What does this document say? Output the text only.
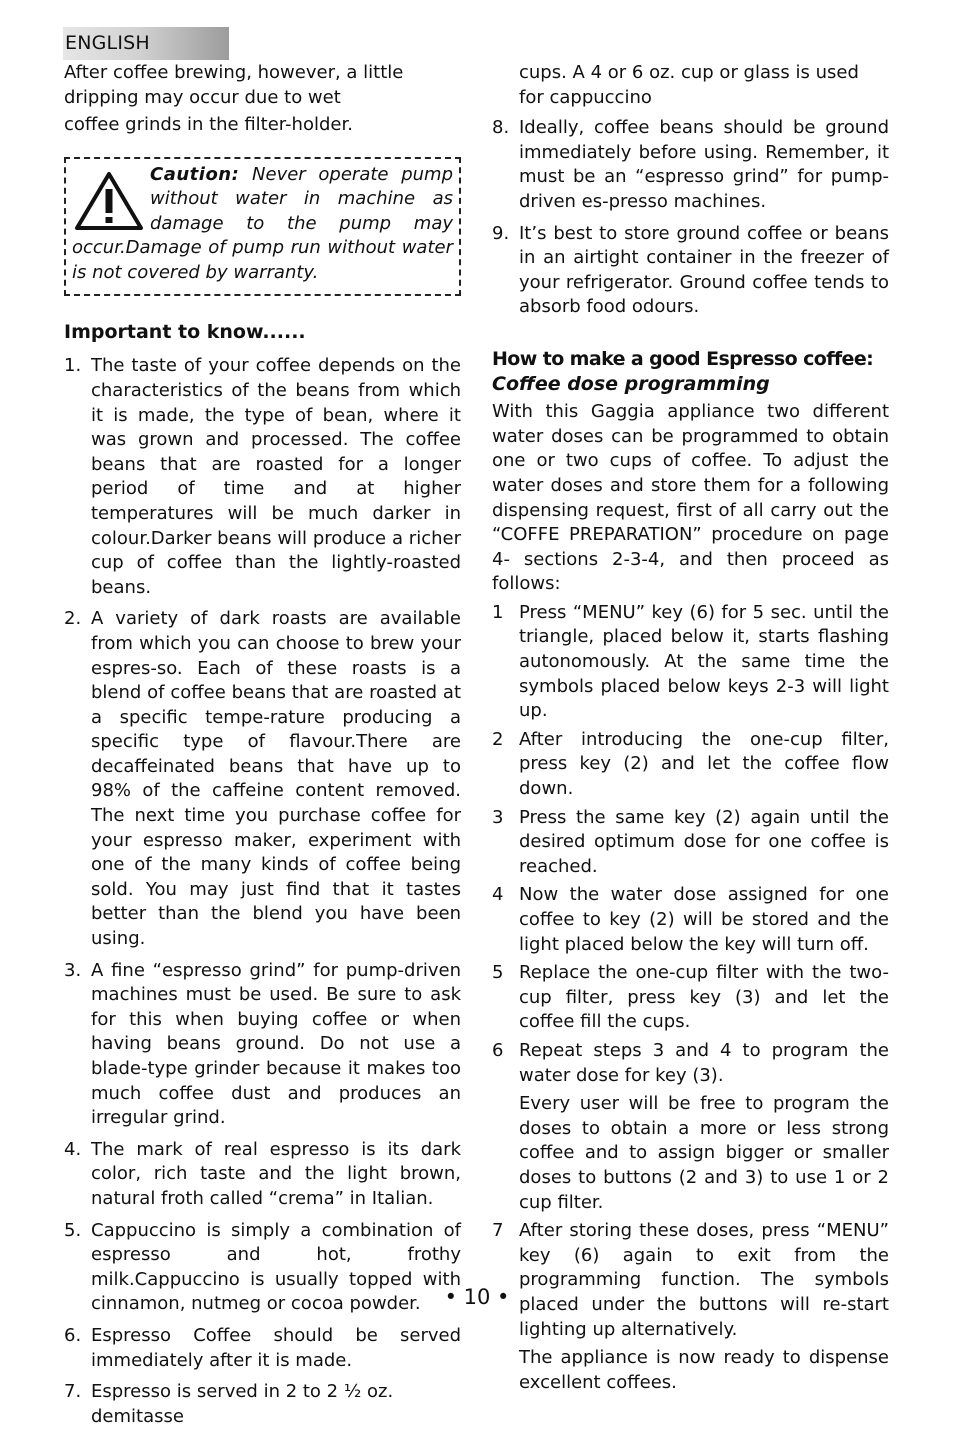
ENGLISH

After coffee brewing, however, a little dripping may occur due to wet

coffee grinds in the filter-holder.

Caution: Never operate pump without water in machine as damage to the pump may occur.Damage of pump run without water is not covered by warranty.
Important to know......
1. The taste of your coffee depends on the characteristics of the beans from which it is made, the type of bean, where it was grown and processed. The coffee beans that are roasted for a longer period of time and at higher temperatures will be much darker in colour.Darker beans will produce a richer cup of coffee than the lightly-roasted beans.
2. A variety of dark roasts are available from which you can choose to brew your espres-so. Each of these roasts is a blend of coffee beans that are roasted at a specific tempe-rature producing a specific type of flavour.There are decaffeinated beans that have up to 98% of the caffeine content removed. The next time you purchase coffee for your espresso maker, experiment with one of the many kinds of coffee being sold. You may just find that it tastes better than the blend you have been using.
3. A fine “espresso grind” for pump-driven machines must be used. Be sure to ask for this when buying coffee or when having beans ground. Do not use a blade-type grinder because it makes too much coffee dust and produces an irregular grind.
4. The mark of real espresso is its dark color, rich taste and the light brown, natural froth called “crema” in Italian.
5. Cappuccino is simply a combination of espresso and hot, frothy milk.Cappuccino is usually topped with cinnamon, nutmeg or cocoa powder.
6. Espresso Coffee should be served immediately after it is made.
7. Espresso is served in 2 to 2 ½ oz. demitasse

cups. A 4 or 6 oz. cup or glass is used for cappuccino

8. Ideally, coffee beans should be ground immediately before using. Remember, it must be an “espresso grind” for pump-driven es-presso machines.
9. It’s best to store ground coffee or beans in an airtight container in the freezer of your refrigerator. Ground coffee tends to absorb food odours.
How to make a good Espresso coffee:
Coffee dose programming

With this Gaggia appliance two different water doses can be programmed to obtain one or two cups of coffee. To adjust the water doses and store them for a following dispensing request, first of all carry out the “COFFE PREPARATION” procedure on page 4- sections 2-3-4, and then proceed as follows:

1 Press “MENU” key (6) for 5 sec. until the triangle, placed below it, starts flashing autonomously. At the same time the symbols placed below keys 2-3 will light up.
2 After introducing the one-cup filter, press key (2) and let the coffee flow down.
3 Press the same key (2) again until the desired optimum dose for one coffee is reached.
4 Now the water dose assigned for one coffee to key (2) will be stored and the light placed below the key will turn off.
5 Replace the one-cup filter with the two-cup filter, press key (3) and let the coffee fill the cups.
6 Repeat steps 3 and 4 to program the water dose for key (3).

Every user will be free to program the doses to obtain a more or less strong coffee and to assign bigger or smaller doses to buttons (2 and 3) to use 1 or 2 cup filter.

7 After storing these doses, press “MENU” key (6) again to exit from the programming function. The symbols placed under the buttons will re-start lighting up alternatively.

The appliance is now ready to dispense excellent coffees.

• 10 •
